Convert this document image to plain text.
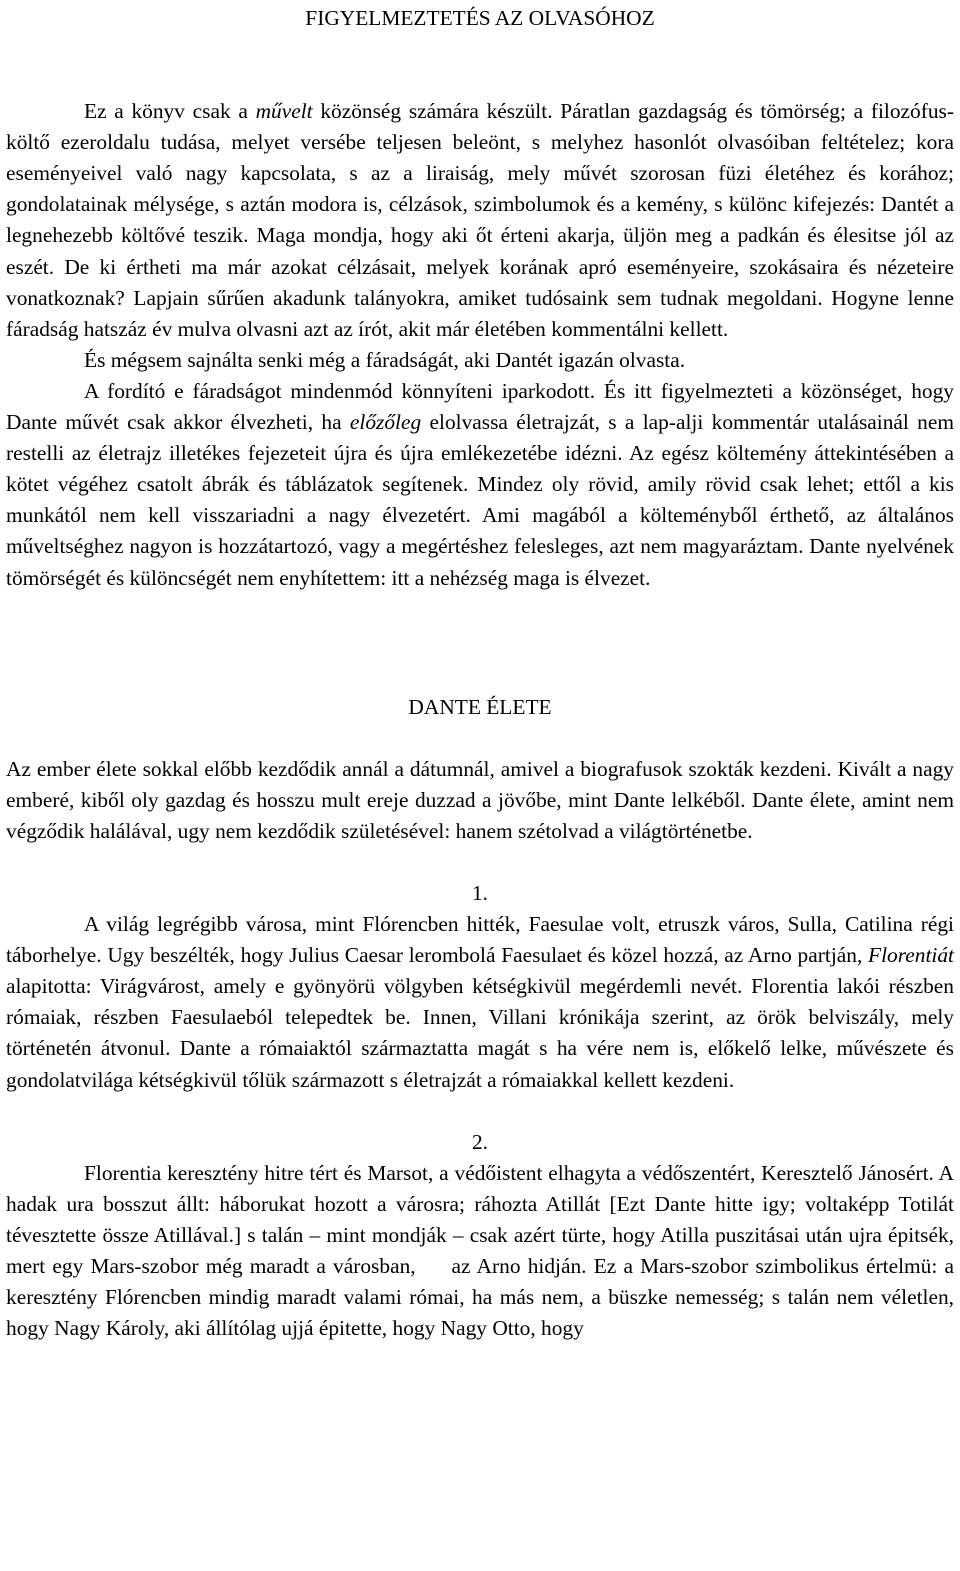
FIGYELMEZTETÉS AZ OLVASÓHOZ

Ez a könyv csak a művelt közönség számára készült. Páratlan gazdagság és tömörség; a filozófus-költő ezeroldalu tudása, melyet versébe teljesen beleönt, s melyhez hasonlót olvasóiban feltételez; kora eseményeivel való nagy kapcsolata, s az a liraiság, mely művét szorosan füzi életéhez és korához; gondolatainak mélysége, s aztán modora is, célzások, szimbolumok és a kemény, s különc kifejezés: Dantét a legnehezebb költővé teszik. Maga mondja, hogy aki őt érteni akarja, üljön meg a padkán és élesitse jól az eszét. De ki értheti ma már azokat célzásait, melyek korának apró eseményeire, szokásaira és nézeteire vonatkoznak? Lapjain sűrűen akadunk talányokra, amiket tudósaink sem tudnak megoldani. Hogyne lenne fáradság hatszáz év mulva olvasni azt az írót, akit már életében kommentálni kellett.

És mégsem sajnálta senki még a fáradságát, aki Dantét igazán olvasta.

A fordító e fáradságot mindenmód könnyíteni iparkodott. És itt figyelmezteti a közönséget, hogy Dante művét csak akkor élvezheti, ha előzőleg elolvassa életrajzát, s a lap-alji kommentár utalásainál nem restelli az életrajz illetékes fejezeteit újra és újra emlékezetébe idézni. Az egész költemény áttekintésében a kötet végéhez csatolt ábrák és táblázatok segítenek. Mindez oly rövid, amily rövid csak lehet; ettől a kis munkától nem kell visszariadni a nagy élvezetért. Ami magából a költeményből érthető, az általános műveltséghez nagyon is hozzátartozó, vagy a megértéshez felesleges, azt nem magyaráztam. Dante nyelvének tömörségét és különcségét nem enyhítettem: itt a nehézség maga is élvezet.

DANTE ÉLETE

Az ember élete sokkal előbb kezdődik annál a dátumnál, amivel a biografusok szokták kezdeni. Kivált a nagy emberé, kiből oly gazdag és hosszu mult ereje duzzad a jövőbe, mint Dante lelkéből. Dante élete, amint nem végződik halálával, ugy nem kezdődik születésével: hanem szétolvad a világtörténetbe.

1.

A világ legrégibb városa, mint Flórencben hitték, Faesulae volt, etruszk város, Sulla, Catilina régi táborhelye. Ugy beszélték, hogy Julius Caesar lerombolá Faesulaet és közel hozzá, az Arno partján, Florentiát alapitotta: Virágvárost, amely e gyönyörü völgyben kétségkivül megérdemli nevét. Florentia lakói részben rómaiak, részben Faesulaeból telepedtek be. Innen, Villani krónikája szerint, az örök belviszály, mely történetén átvonul. Dante a rómaiaktól származtatta magát s ha vére nem is, előkelő lelke, művészete és gondolatvilága kétségkivül tőlük származott s életrajzát a rómaiakkal kellett kezdeni.

2.

Florentia keresztény hitre tért és Marsot, a védőistent elhagyta a védőszentért, Keresztelő Jánosért. A hadak ura bosszut állt: háborukat hozott a városra; ráhozta Atillát [Ezt Dante hitte igy; voltaképp Totilát tévesztette össze Atillával.] s talán – mint mondják – csak azért türte, hogy Atilla puszitásai után ujra épitsék, mert egy Mars-szobor még maradt a városban,     az Arno hidján. Ez a Mars-szobor szimbolikus értelmü: a keresztény Flórencben mindig maradt valami római, ha más nem, a büszke nemesség; s talán nem véletlen, hogy Nagy Károly, aki állítólag ujjá épitette, hogy Nagy Otto, hogy
